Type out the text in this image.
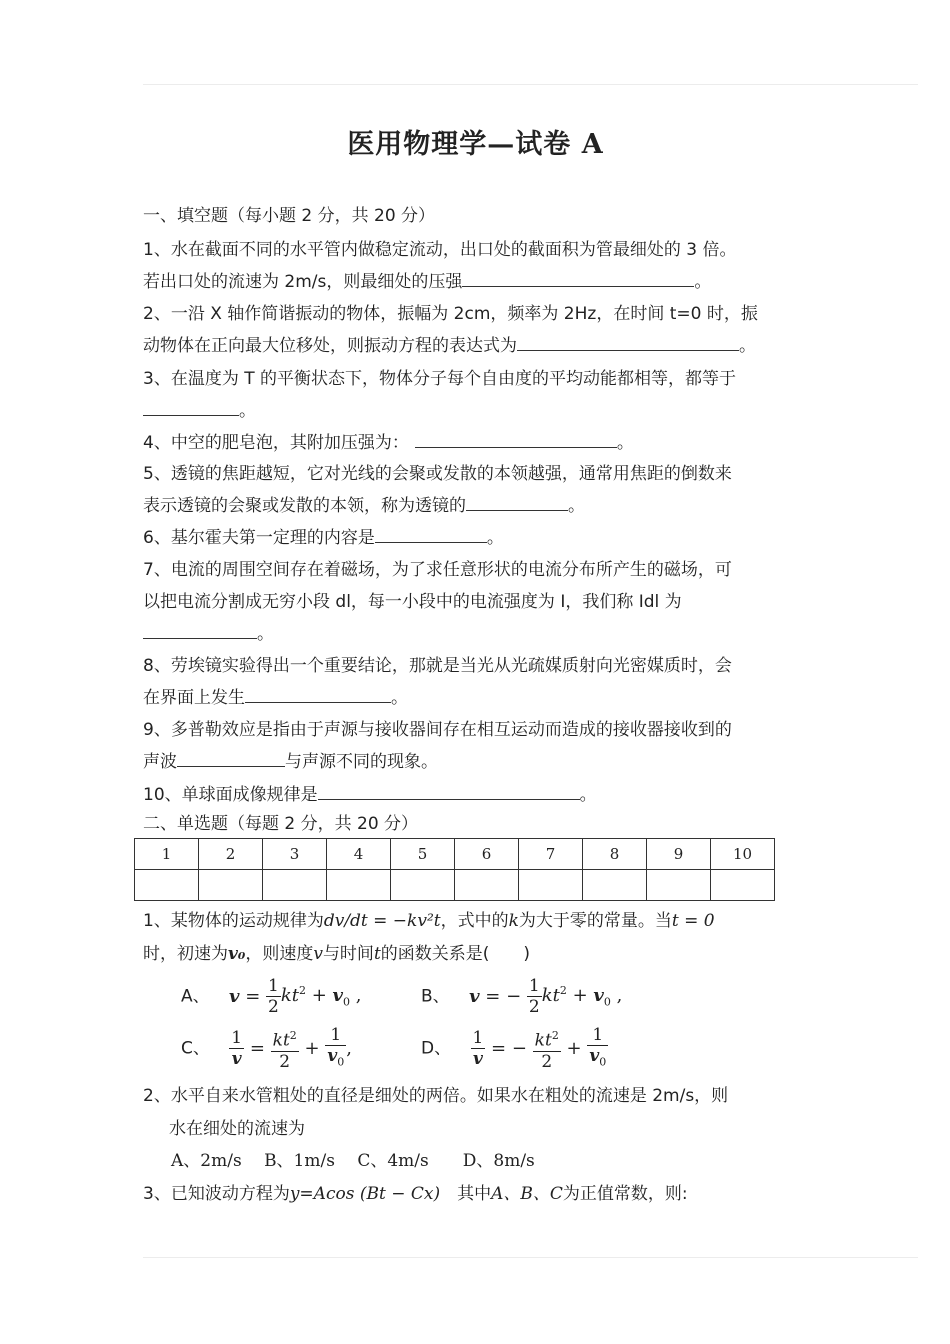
医用物理学—试卷 A
一、填空题（每小题 2 分，共 20 分）
1、水在截面不同的水平管内做稳定流动，出口处的截面积为管最细处的 3 倍。
若出口处的流速为 2m/s，则最细处的压强	。
2、一沿 X 轴作简谐振动的物体，振幅为 2cm，频率为 2Hz，在时间 t=0 时，振
动物体在正向最大位移处，则振动方程的表达式为	。
3、在温度为 T 的平衡状态下，物体分子每个自由度的平均动能都相等，都等于
。
4、中空的肥皂泡，其附加压强为：	。
5、透镜的焦距越短，它对光线的会聚或发散的本领越强，通常用焦距的倒数来
表示透镜的会聚或发散的本领，称为透镜的	。
6、基尔霍夫第一定理的内容是	。
7、电流的周围空间存在着磁场，为了求任意形状的电流分布所产生的磁场，可
以把电流分割成无穷小段 dl，每一小段中的电流强度为 I，我们称 Idl 为
。
8、劳埃镜实验得出一个重要结论，那就是当光从光疏媒质射向光密媒质时，会
在界面上发生	。
9、多普勒效应是指由于声源与接收器间存在相互运动而造成的接收器接收到的
声波	与声源不同的现象。
10、单球面成像规律是	。
二、单选题（每题 2 分，共 20 分）
1	2	3	4	5	6	7	8	9	10

1、某物体的运动规律为dv/dt = −kv²t，式中的k为大于零的常量。当t = 0
时，初速为v₀，则速度v与时间t的函数关系是(　　)
A、 $v = \frac{1}{2} kt^2 + v_0$ ,	B、 v = − $\frac{1}{2} kt^2 + v_0$ ,
C、 $\frac{1}{v} = \frac{kt^2}{2} + \frac{1}{v_0}$ ,	D、 $\frac{1}{v}$ = − $\frac{kt^2}{2} + \frac{1}{v_0}$
2、水平自来水管粗处的直径是细处的两倍。如果水在粗处的流速是 2m/s，则
水在细处的流速为
A、2m/s　 B、1m/s　 C、4m/s　　D、8m/s
3、已知波动方程为y=Acos (Bt − Cx)　其中A、B、C为正值常数，则:
